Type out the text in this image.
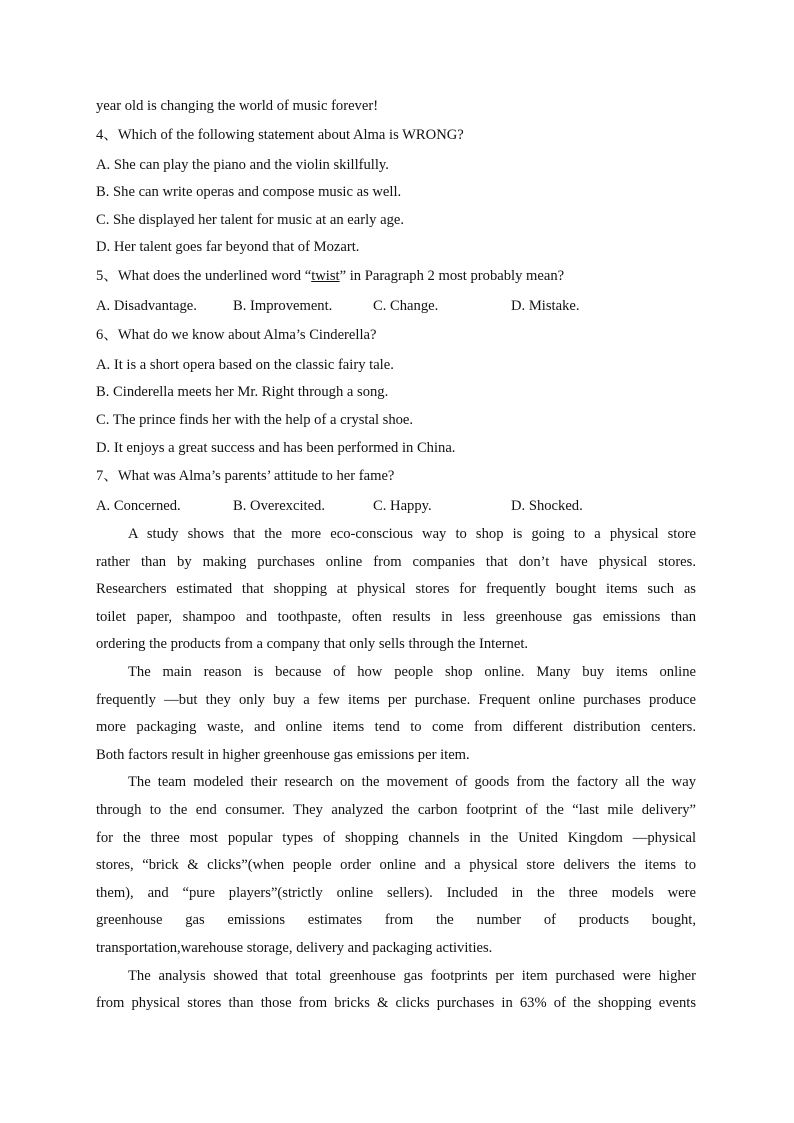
year old is changing the world of music forever!
4、Which of the following statement about Alma is WRONG?
A. She can play the piano and the violin skillfully.
B. She can write operas and compose music as well.
C. She displayed her talent for music at an early age.
D. Her talent goes far beyond that of Mozart.
5、What does the underlined word “twist” in Paragraph 2 most probably mean?
A. Disadvantage. B. Improvement.	C. Change.	D. Mistake.
6、What do we know about Alma’s Cinderella?
A. It is a short opera based on the classic fairy tale.
B. Cinderella meets her Mr. Right through a song.
C. The prince finds her with the help of a crystal shoe.
D. It enjoys a great success and has been performed in China.
7、What was Alma’s parents’ attitude to her fame?
A. Concerned.	B. Overexcited.	C. Happy.	D. Shocked.
A study shows that the more eco-conscious way to shop is going to a physical store
rather than by making purchases online from companies that don’t have physical stores.
Researchers estimated that shopping at physical stores for frequently bought items such as
toilet paper, shampoo and toothpaste, often results in less greenhouse gas emissions than
ordering the products from a company that only sells through the Internet.
The main reason is because of how people shop online. Many buy items online
frequently —but they only buy a few items per purchase. Frequent online purchases produce
more packaging waste, and online items tend to come from different distribution centers.
Both factors result in higher greenhouse gas emissions per item.
The team modeled their research on the movement of goods from the factory all the way
through to the end consumer. They analyzed the carbon footprint of the “last mile delivery”
for the three most popular types of shopping channels in the United Kingdom —physical
stores, “brick & clicks”(when people order online and a physical store delivers the items to
them), and “pure players”(strictly online sellers). Included in the three models were
greenhouse gas emissions estimates from the number of products bought,
transportation,warehouse storage, delivery and packaging activities.
The analysis showed that total greenhouse gas footprints per item purchased were higher
from physical stores than those from bricks & clicks purchases in 63% of the shopping events
